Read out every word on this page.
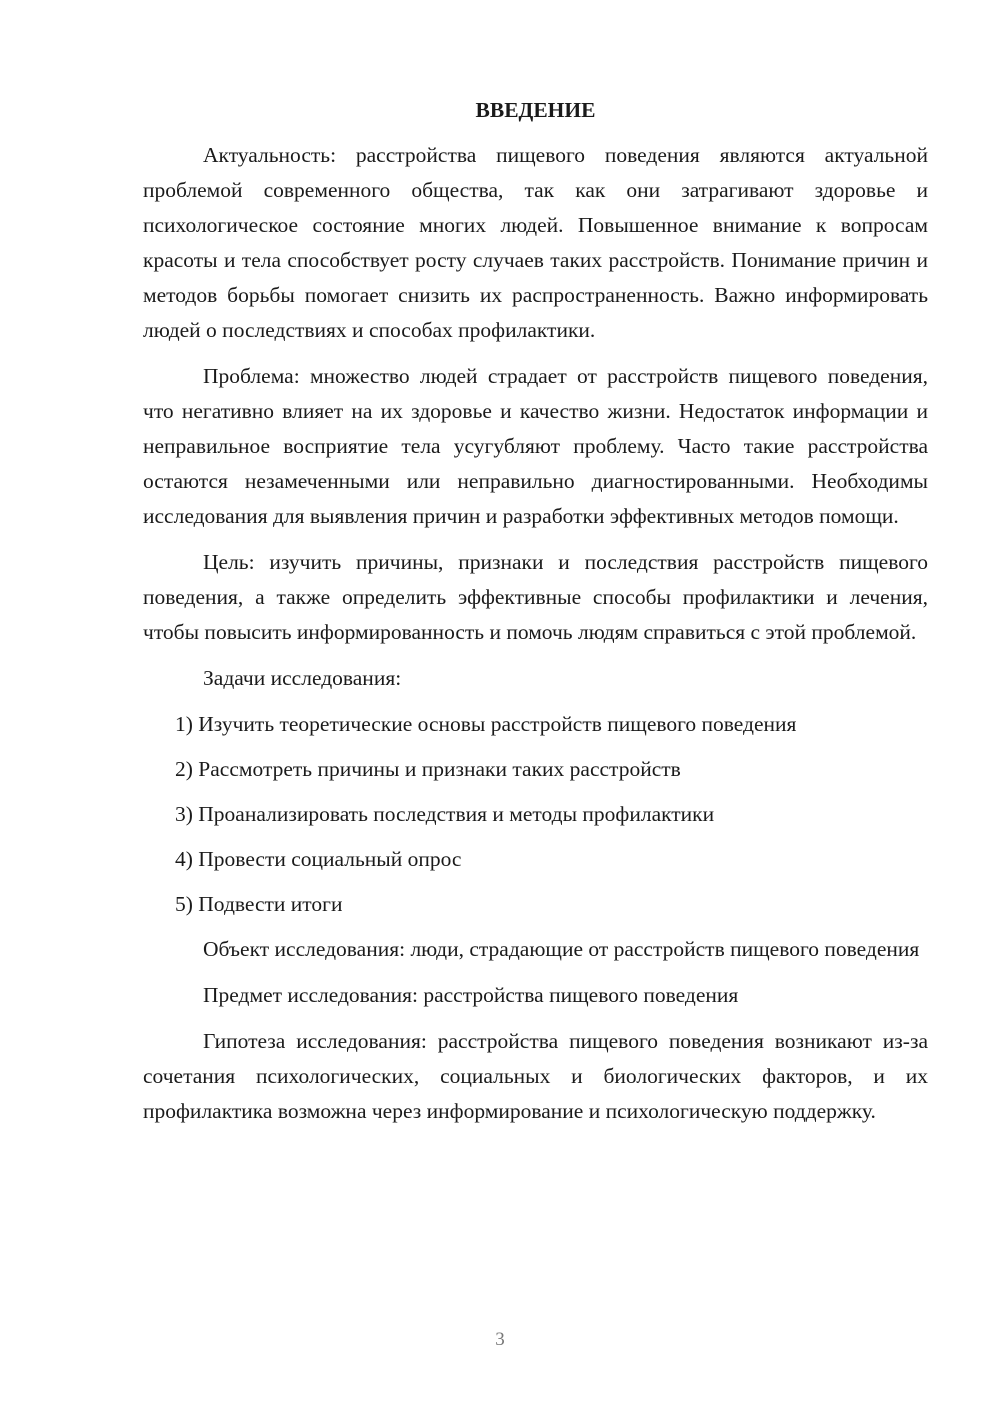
ВВЕДЕНИЕ

Актуальность: расстройства пищевого поведения являются актуальной проблемой современного общества, так как они затрагивают здоровье и психологическое состояние многих людей. Повышенное внимание к вопросам красоты и тела способствует росту случаев таких расстройств. Понимание причин и методов борьбы помогает снизить их распространенность. Важно информировать людей о последствиях и способах профилактики.

Проблема: множество людей страдает от расстройств пищевого поведения, что негативно влияет на их здоровье и качество жизни. Недостаток информации и неправильное восприятие тела усугубляют проблему. Часто такие расстройства остаются незамеченными или неправильно диагностированными. Необходимы исследования для выявления причин и разработки эффективных методов помощи.

Цель: изучить причины, признаки и последствия расстройств пищевого поведения, а также определить эффективные способы профилактики и лечения, чтобы повысить информированность и помочь людям справиться с этой проблемой.

Задачи исследования:

1) Изучить теоретические основы расстройств пищевого поведения
2) Рассмотреть причины и признаки таких расстройств
3) Проанализировать последствия и методы профилактики
4) Провести социальный опрос
5) Подвести итоги

Объект исследования: люди, страдающие от расстройств пищевого поведения

Предмет исследования: расстройства пищевого поведения

Гипотеза исследования: расстройства пищевого поведения возникают из-за сочетания психологических, социальных и биологических факторов, и их профилактика возможна через информирование и психологическую поддержку.

3
